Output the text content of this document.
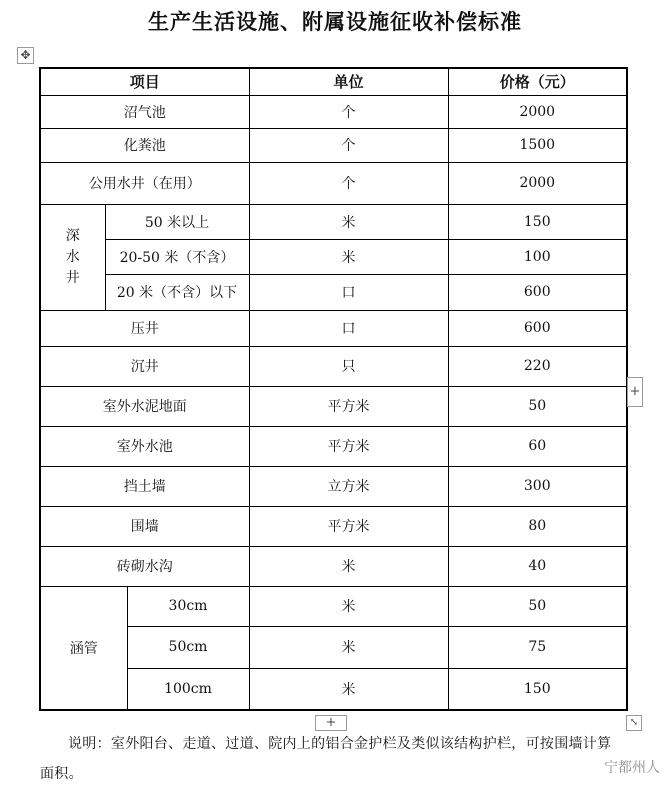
生产生活设施、附属设施征收补偿标准
✥
项目			单位	价格（元）
沼气池			个	2000
化粪池			个	1500
公用水井（在用）			个	2000
深
水
井	50 米以上		米	150
	20-50 米（不含）		米	100
	20 米（不含）以下		口	600
压井			口	600
沉井			只	220
室外水泥地面			平方米	50
室外水池			平方米	60
挡土墙			立方米	300
围墙			平方米	80
砖砌水沟			米	40
涵管		30cm	米	50
		50cm	米	75
		100cm	米	150
+
+	⤡
说明：室外阳台、走道、过道、院内上的铝合金护栏及类似该结构护栏，可按围墙计算面积。	宁都州人
